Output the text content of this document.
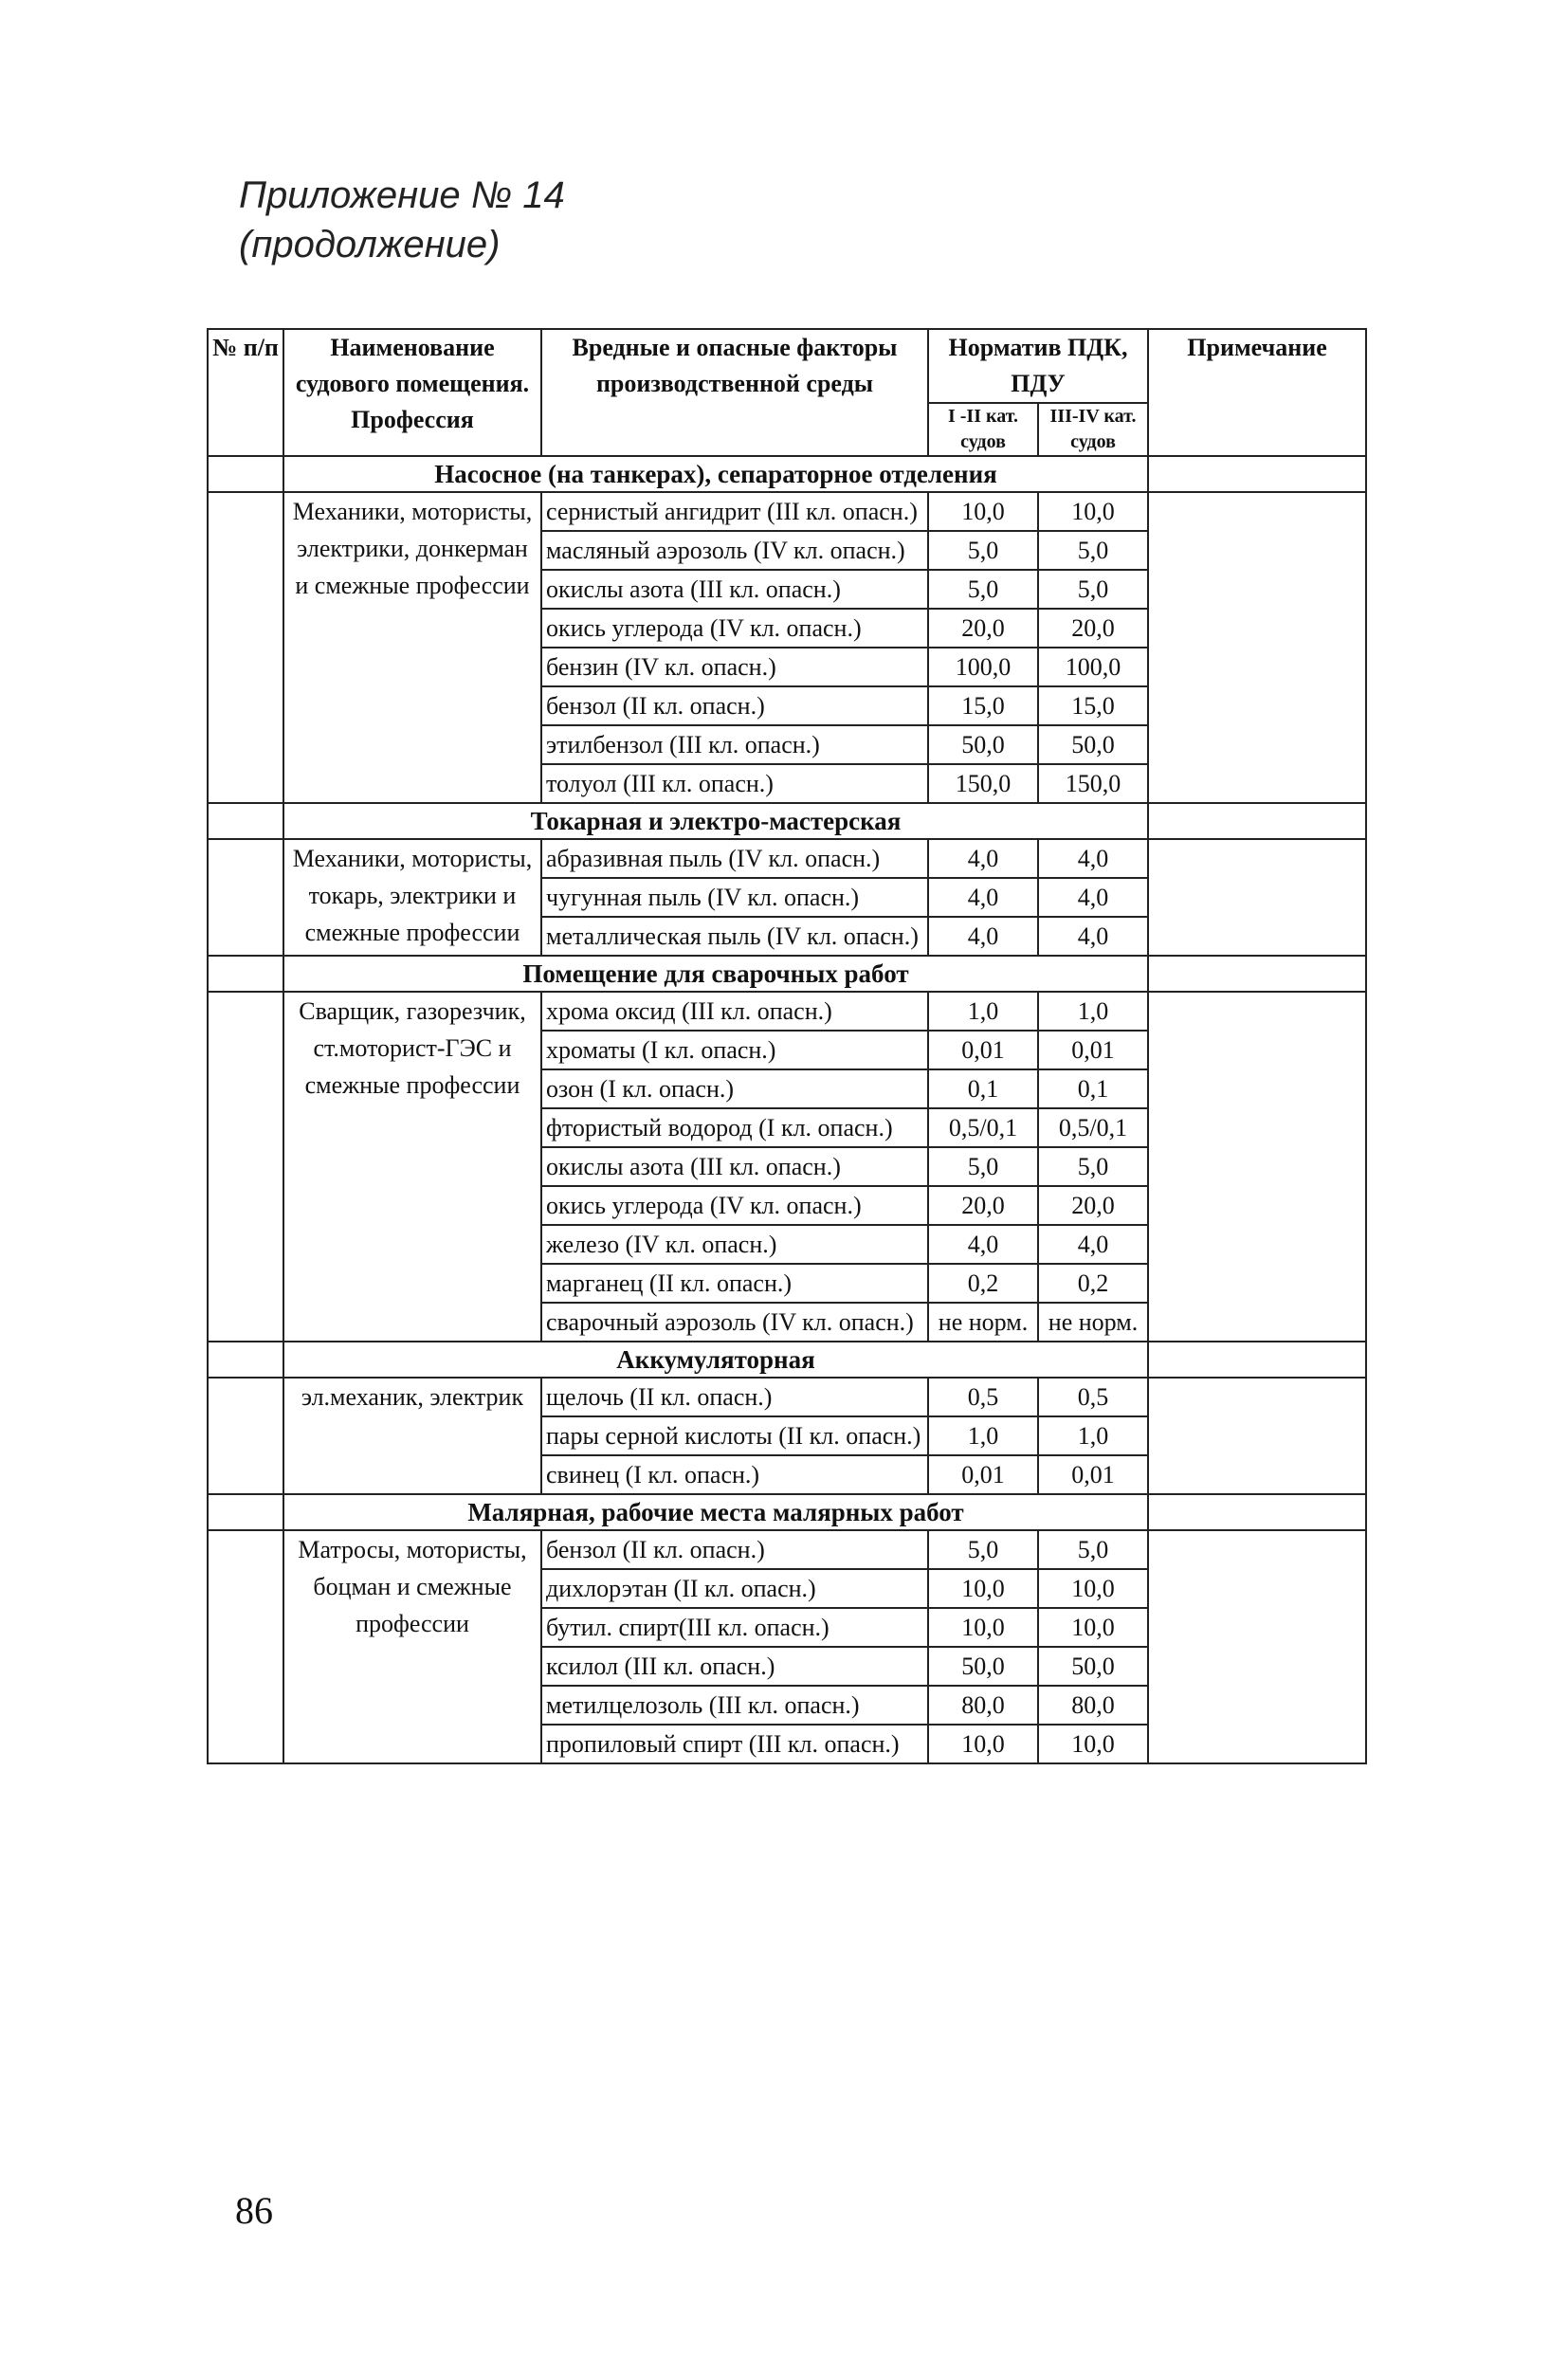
Приложение № 14
(продолжение)
№ п/п	Наименование судового помещения. Профессия	Вредные и опасные факторы производственной среды	Норматив ПДК, ПДУ		Примечание
			I -II кат. судов	III-IV кат. судов	
	Насосное (на танкерах), сепараторное отделения				
	Механики, мотористы, электрики, донкерман и смежные профессии	сернистый ангидрит (III кл. опасн.)	10,0	10,0	
		масляный аэрозоль (IV кл. опасн.)	5,0	5,0	
		окислы азота (III кл. опасн.)	5,0	5,0	
		окись углерода (IV кл. опасн.)	20,0	20,0	
		бензин (IV кл. опасн.)	100,0	100,0	
		бензол (II кл. опасн.)	15,0	15,0	
		этилбензол (III кл. опасн.)	50,0	50,0	
		толуол (III кл. опасн.)	150,0	150,0	
	Токарная и электро-мастерская				
	Механики, мотористы, токарь, электрики и смежные профессии	абразивная пыль (IV кл. опасн.)	4,0	4,0	
		чугунная пыль (IV кл. опасн.)	4,0	4,0	
		металлическая пыль (IV кл. опасн.)	4,0	4,0	
	Помещение для сварочных работ				
	Сварщик, газорезчик, ст.моторист-ГЭС и смежные профессии	хрома оксид (III кл. опасн.)	1,0	1,0	
		хроматы (I кл. опасн.)	0,01	0,01	
		озон (I кл. опасн.)	0,1	0,1	
		фтористый водород (I кл. опасн.)	0,5/0,1	0,5/0,1	
		окислы азота (III кл. опасн.)	5,0	5,0	
		окись углерода (IV кл. опасн.)	20,0	20,0	
		железо (IV кл. опасн.)	4,0	4,0	
		марганец (II кл. опасн.)	0,2	0,2	
		сварочный аэрозоль (IV кл. опасн.)	не норм.	не норм.	
	Аккумуляторная				
	эл.механик, электрик	щелочь (II кл. опасн.)	0,5	0,5	
		пары серной кислоты (II кл. опасн.)	1,0	1,0	
		свинец (I кл. опасн.)	0,01	0,01	
	Малярная, рабочие места малярных работ				
	Матросы, мотористы, боцман и смежные профессии	бензол (II кл. опасн.)	5,0	5,0	
		дихлорэтан (II кл. опасн.)	10,0	10,0	
		бутил. спирт(III кл. опасн.)	10,0	10,0	
		ксилол (III кл. опасн.)	50,0	50,0	
		метилцелозоль (III кл. опасн.)	80,0	80,0	
		пропиловый спирт (III кл. опасн.)	10,0	10,0	
86
